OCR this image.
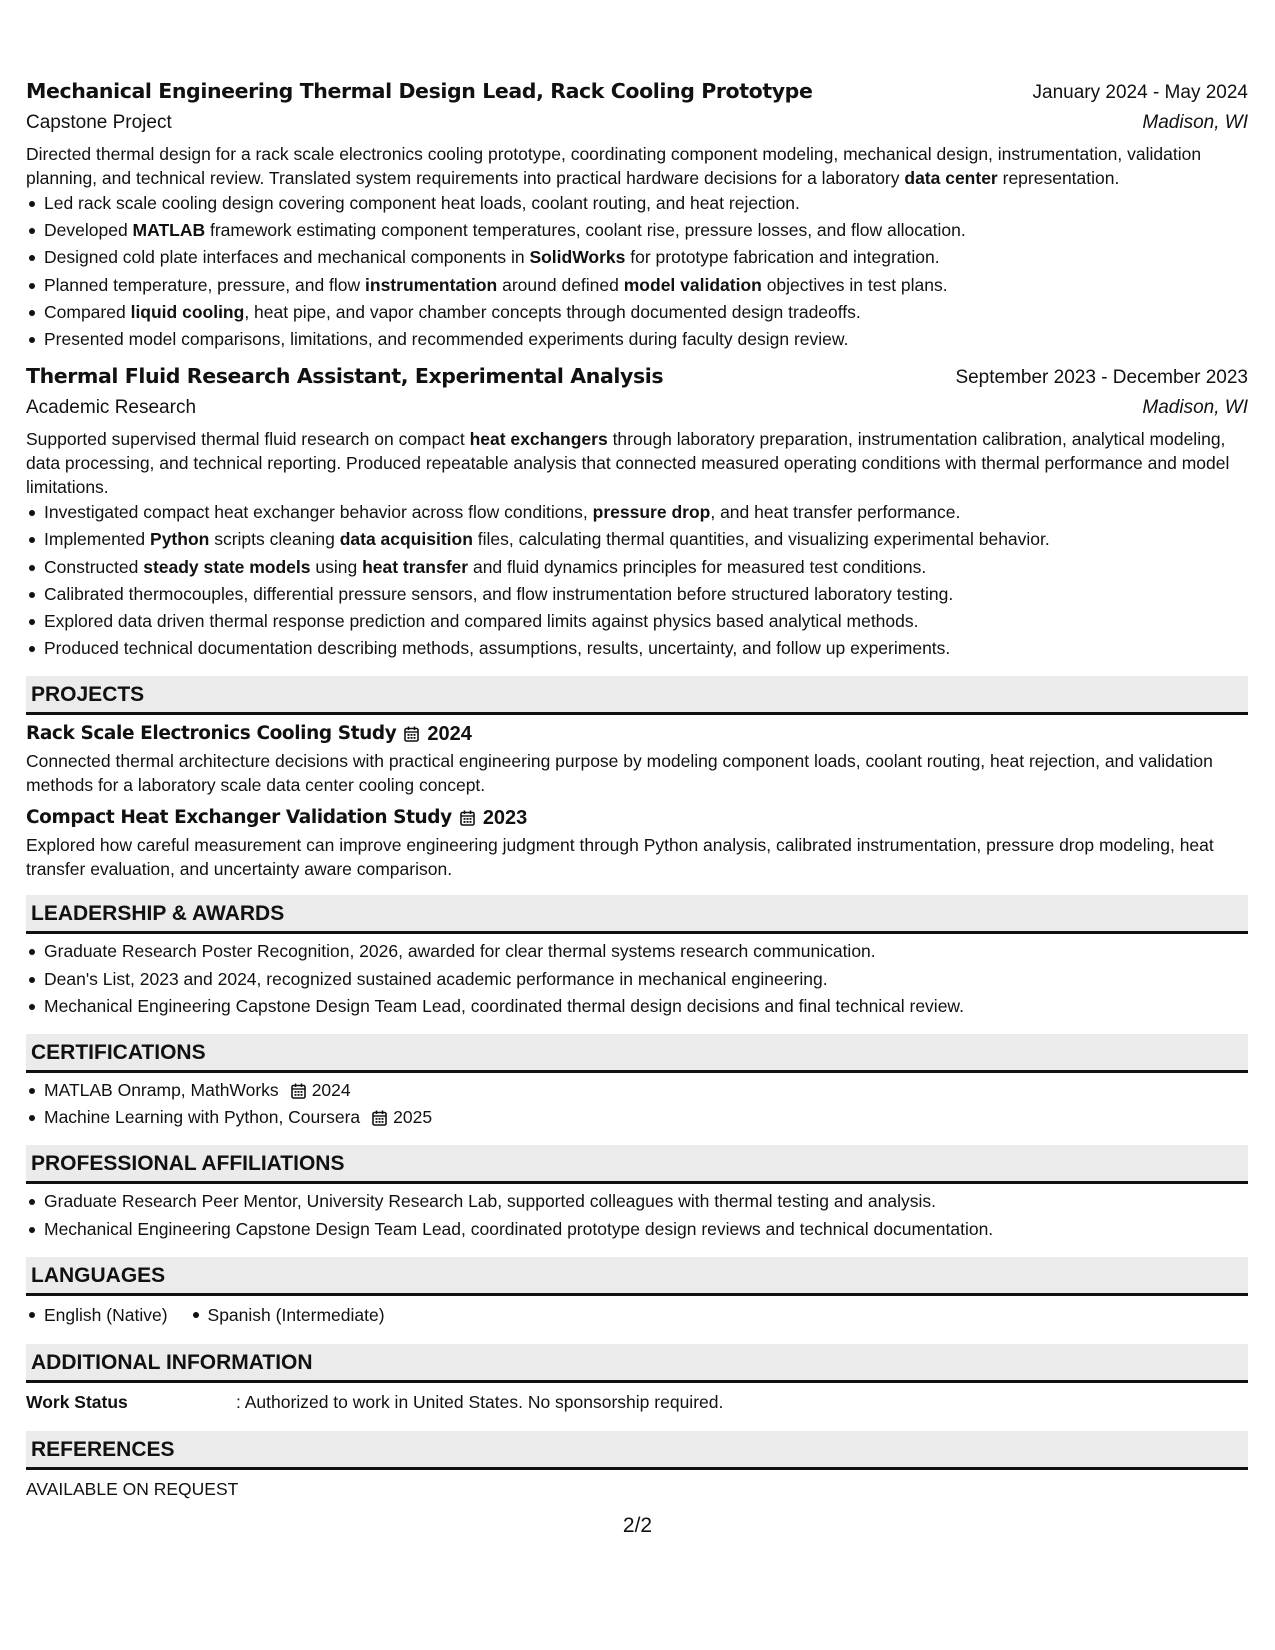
Mechanical Engineering Thermal Design Lead, Rack Cooling Prototype	January 2024 - May 2024
Capstone Project	Madison, WI
Directed thermal design for a rack scale electronics cooling prototype, coordinating component modeling, mechanical design, instrumentation, validation planning, and technical review. Translated system requirements into practical hardware decisions for a laboratory data center representation.
Led rack scale cooling design covering component heat loads, coolant routing, and heat rejection.
Developed MATLAB framework estimating component temperatures, coolant rise, pressure losses, and flow allocation.
Designed cold plate interfaces and mechanical components in SolidWorks for prototype fabrication and integration.
Planned temperature, pressure, and flow instrumentation around defined model validation objectives in test plans.
Compared liquid cooling, heat pipe, and vapor chamber concepts through documented design tradeoffs.
Presented model comparisons, limitations, and recommended experiments during faculty design review.
Thermal Fluid Research Assistant, Experimental Analysis	September 2023 - December 2023
Academic Research	Madison, WI
Supported supervised thermal fluid research on compact heat exchangers through laboratory preparation, instrumentation calibration, analytical modeling, data processing, and technical reporting. Produced repeatable analysis that connected measured operating conditions with thermal performance and model limitations.
Investigated compact heat exchanger behavior across flow conditions, pressure drop, and heat transfer performance.
Implemented Python scripts cleaning data acquisition files, calculating thermal quantities, and visualizing experimental behavior.
Constructed steady state models using heat transfer and fluid dynamics principles for measured test conditions.
Calibrated thermocouples, differential pressure sensors, and flow instrumentation before structured laboratory testing.
Explored data driven thermal response prediction and compared limits against physics based analytical methods.
Produced technical documentation describing methods, assumptions, results, uncertainty, and follow up experiments.
PROJECTS
Rack Scale Electronics Cooling Study 2024
Connected thermal architecture decisions with practical engineering purpose by modeling component loads, coolant routing, heat rejection, and validation methods for a laboratory scale data center cooling concept.
Compact Heat Exchanger Validation Study 2023
Explored how careful measurement can improve engineering judgment through Python analysis, calibrated instrumentation, pressure drop modeling, heat transfer evaluation, and uncertainty aware comparison.
LEADERSHIP & AWARDS
Graduate Research Poster Recognition, 2026, awarded for clear thermal systems research communication.
Dean's List, 2023 and 2024, recognized sustained academic performance in mechanical engineering.
Mechanical Engineering Capstone Design Team Lead, coordinated thermal design decisions and final technical review.
CERTIFICATIONS
MATLAB Onramp, MathWorks 2024
Machine Learning with Python, Coursera 2025
PROFESSIONAL AFFILIATIONS
Graduate Research Peer Mentor, University Research Lab, supported colleagues with thermal testing and analysis.
Mechanical Engineering Capstone Design Team Lead, coordinated prototype design reviews and technical documentation.
LANGUAGES
English (Native) Spanish (Intermediate)
ADDITIONAL INFORMATION
Work Status	: Authorized to work in United States. No sponsorship required.
REFERENCES
AVAILABLE ON REQUEST
2/2
